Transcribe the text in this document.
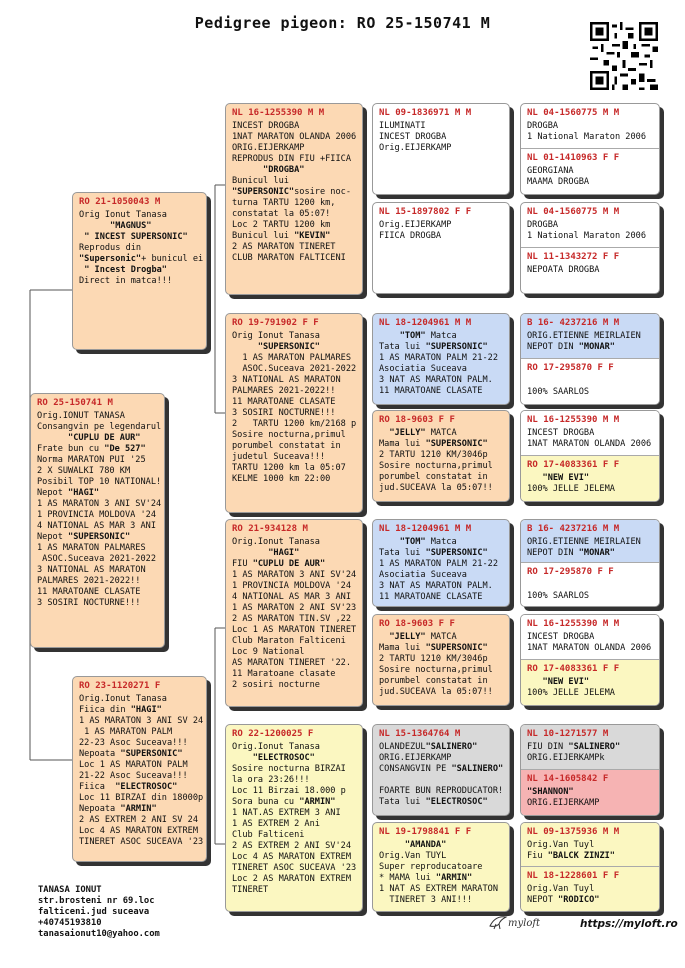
Pedigree pigeon: RO 25-150741 M
RO 25-150741 M
Orig.IONUT TANASA
Consangvin pe legendarul
"CUPLU DE AUR"
Frate bun cu "De 527"
Norma MARATON PUI '25
2 X SUWALKI 780 KM
Posibil TOP 10 NATIONAL!
Nepot "HAGI"
1 AS MARATON 3 ANI SV'24
1 PROVINCIA MOLDOVA '24
4 NATIONAL AS MAR 3 ANI
Nepot "SUPERSONIC"
1 AS MARATON PALMARES
ASOC.Suceava 2021-2022
3 NATIONAL AS MARATON
PALMARES 2021-2022!!
11 MARATOANE CLASATE
3 SOSIRI NOCTURNE!!!
RO 21-1050043 M
Orig Ionut Tanasa
"MAGNUS"
" INCEST SUPERSONIC"
Reprodus din
"Supersonic"+ bunicul ei
" Incest Drogba"
Direct in matca!!!
RO 23-1120271 F
Orig.Ionut Tanasa
Fiica din "HAGI"
1 AS MARATON 3 ANI SV 24
1 AS MARATON PALM
22-23 Asoc Suceava!!!
Nepoata "SUPERSONIC"
Loc 1 AS MARATON PALM
21-22 Asoc Suceava!!!
Fiica  "ELECTROSOC"
Loc 11 BIRZAI din 18000p
Nepoata "ARMIN"
2 AS EXTREM 2 ANI SV 24
Loc 4 AS MARATON EXTREM
TINERET ASOC SUCEAVA '23
NL 16-1255390 M M
INCEST DROGBA
1NAT MARATON OLANDA 2006
ORIG.EIJERKAMP
REPRODUS DIN FIU +FIICA
"DROGBA"
Bunicul lui
"SUPERSONIC"sosire noc-
turna TARTU 1200 km,
constatat la 05:07!
Loc 2 TARTU 1200 km
Bunicul lui "KEVIN"
2 AS MARATON TINERET
CLUB MARATON FALTICENI
RO 19-791902 F F
Orig Ionut Tanasa
"SUPERSONIC"
1 AS MARATON PALMARES
ASOC.Suceava 2021-2022
3 NATIONAL AS MARATON
PALMARES 2021-2022!!
11 MARATOANE CLASATE
3 SOSIRI NOCTURNE!!!
2   TARTU 1200 km/2168 p
Sosire nocturna,primul
porumbel constatat in
judetul Suceava!!!
TARTU 1200 km la 05:07
KELME 1000 km 22:00
RO 21-934128 M
Orig.Ionut Tanasa
"HAGI"
FIU "CUPLU DE AUR"
1 AS MARATON 3 ANI SV'24
1 PROVINCIA MOLDOVA '24
4 NATIONAL AS MAR 3 ANI
1 AS MARATON 2 ANI SV'23
2 AS MARATON TIN.SV ,22
Loc 1 AS MARATON TINERET
Club Maraton Falticeni
Loc 9 National
AS MARATON TINERET '22.
11 Maratoane clasate
2 sosiri nocturne
RO 22-1200025 F
Orig.Ionut Tanasa
"ELECTROSOC"
Sosire nocturna BIRZAI
la ora 23:26!!!
Loc 11 Birzai 18.000 p
Sora buna cu "ARMIN"
1 NAT.AS EXTREM 3 ANI
1 AS EXTREM 2 Ani
Club Falticeni
2 AS EXTREM 2 ANI SV'24
Loc 4 AS MARATON EXTREM
TINERET ASOC SUCEAVA '23
Loc 2 AS MARATON EXTREM
TINERET
NL 09-1836971 M M
ILUMINATI
INCEST DROGBA
Orig.EIJERKAMP
NL 15-1897802 F F
Orig.EIJERKAMP
FIICA DROGBA
NL 18-1204961 M M
"TOM" Matca
Tata lui "SUPERSONIC"
1 AS MARATON PALM 21-22
Asociatia Suceava
3 NAT AS MARATON PALM.
11 MARATOANE CLASATE
RO 18-9603 F F
"JELLY" MATCA
Mama lui "SUPERSONIC"
2 TARTU 1210 KM/3046p
Sosire nocturna,primul
porumbel constatat in
jud.SUCEAVA la 05:07!!
NL 18-1204961 M M
"TOM" Matca
Tata lui "SUPERSONIC"
1 AS MARATON PALM 21-22
Asociatia Suceava
3 NAT AS MARATON PALM.
11 MARATOANE CLASATE
RO 18-9603 F F
"JELLY" MATCA
Mama lui "SUPERSONIC"
2 TARTU 1210 KM/3046p
Sosire nocturna,primul
porumbel constatat in
jud.SUCEAVA la 05:07!!
NL 15-1364764 M
OLANDEZUL"SALINERO"
ORIG.EIJERKAMP
CONSANGVIN PE "SALINERO"

FOARTE BUN REPRODUCATOR!
Tata lui "ELECTROSOC"
NL 19-1798841 F F
"AMANDA"
Orig.Van TUYL
Super reproducatoare
* MAMA lui "ARMIN"
1 NAT AS EXTREM MARATON
TINERET 3 ANI!!!
NL 04-1560775 M M
DROGBA
1 National Maraton 2006
NL 01-1410963 F F
GEORGIANA
MAAMA DROGBA
NL 04-1560775 M M
DROGBA
1 National Maraton 2006
NL 11-1343272 F F
NEPOATA DROGBA
B 16- 4237216 M M
ORIG.ETIENNE MEIRLAIEN
NEPOT DIN "MONAR"
RO 17-295870 F F

100% SAARLOS
NL 16-1255390 M M
INCEST DROGBA
1NAT MARATON OLANDA 2006
RO 17-4083361 F F
"NEW EVI"
100% JELLE JELEMA
B 16- 4237216 M M
ORIG.ETIENNE MEIRLAIEN
NEPOT DIN "MONAR"
RO 17-295870 F F

100% SAARLOS
NL 16-1255390 M M
INCEST DROGBA
1NAT MARATON OLANDA 2006
RO 17-4083361 F F
"NEW EVI"
100% JELLE JELEMA
NL 10-1271577 M
FIU DIN "SALINERO"
ORIG.EIJERKAMPk
NL 14-1605842 F
"SHANNON"
ORIG.EIJERKAMP
NL 09-1375936 M M
Orig.Van Tuyl
Fiu "BALCK ZINZI"
NL 18-1228601 F F
Orig.Van Tuyl
NEPOT "RODICO"
TANASA IONUT
str.brosteni nr 69.loc
falticeni.jud suceava
+40745193810
tanasaionut10@yahoo.com
myloft	https://myloft.ro
